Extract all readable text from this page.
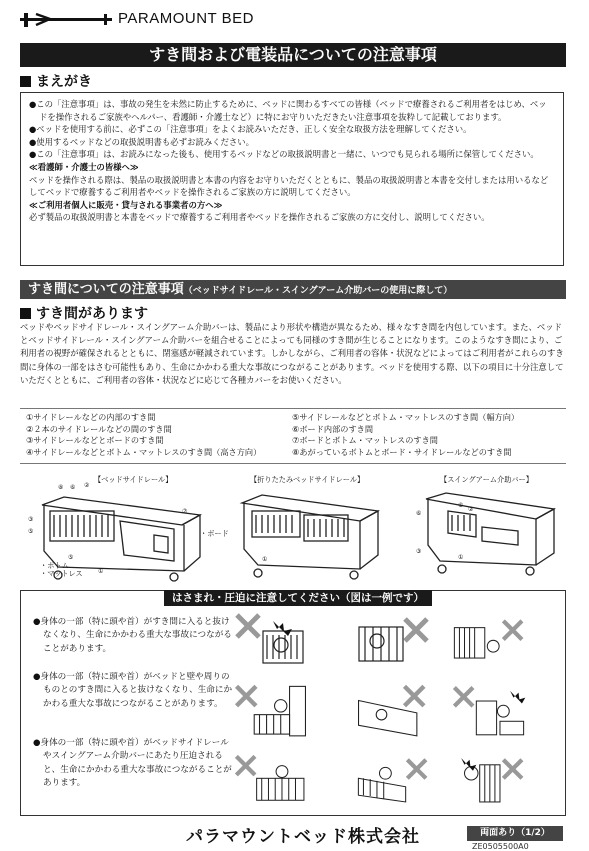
PARAMOUNT BED
すき間および電装品についての注意事項
まえがき

●この「注意事項」は、事故の発生を未然に防止するために、ベッドに関わるすべての皆様（ベッドで療養されるご利用者をはじめ、ベッドを操作されるご家族やヘルパー、看護師・介護士など）に特にお守りいただきたい注意事項を抜粋して記載しております。

●ベッドを使用する前に、必ずこの「注意事項」をよくお読みいただき、正しく安全な取扱方法を理解してください。

●使用するベッドなどの取扱説明書も必ずお読みください。

●この「注意事項」は、お読みになった後も、使用するベッドなどの取扱説明書と一緒に、いつでも見られる場所に保管してください。

≪看護師・介護士の皆様へ≫

ベッドを操作される際は、製品の取扱説明書と本書の内容をお守りいただくとともに、製品の取扱説明書と本書を交付しまたは用いるなどしてベッドで療養するご利用者やベッドを操作されるご家族の方に説明してください。

≪ご利用者個人に販売・貸与される事業者の方へ≫

必ず製品の取扱説明書と本書をベッドで療養するご利用者やベッドを操作されるご家族の方に交付し、説明してください。

すき間についての注意事項（ベッドサイドレール・スイングアーム介助バーの使用に際して）
すき間があります
ベッドやベッドサイドレール・スイングアーム介助バーは、製品により形状や構造が異なるため、様々なすき間を内包しています。また、ベッドとベッドサイドレール・スイングアーム介助バーを組合せることによっても同様のすき間が生じることになります。このようなすき間により、ご利用者の視野が確保されるとともに、閉塞感が軽減されています。しかしながら、ご利用者の容体・状況などによってはご利用者がこれらのすき間に身体の一部をはさむ可能性もあり、生命にかかわる重大な事故につながることがあります。ベッドを使用する際、以下の項目に十分注意していただくとともに、ご利用者の容体・状況などに応じて各種カバーをお使いください。
①サイドレールなどの内部のすき間
②２本のサイドレールなどの間のすき間
③サイドレールなどとボードのすき間
④サイドレールなどとボトム・マットレスのすき間（高さ方向）
⑤サイドレールなどとボトム・マットレスのすき間（幅方向）
⑥ボード内部のすき間
⑦ボードとボトム・マットレスのすき間
⑧あがっているボトムとボード・サイドレールなどのすき間
【ベッドサイドレール】
⑧ ⑥ ②
③
⑤
⑦
⑤
①
・ボード
・ボトム
・マットレス
【折りたたみベッドサイドレール】
①
【スイングアーム介助バー】
⑥
⑥
②
③
①
はさまれ・圧迫に注意してください（図は一例です）
●身体の一部（特に頭や首）がすき間に入ると抜けなくなり、生命にかかわる重大な事故につながることがあります。
●身体の一部（特に頭や首）がベッドと壁や周りのものとのすき間に入ると抜けなくなり、生命にかかわる重大な事故につながることがあります。
●身体の一部（特に頭や首）がベッドサイドレールやスイングアーム介助バーにあたり圧迫されると、生命にかかわる重大な事故につながることがあります。
パラマウントベッド株式会社	両面あり（1/2）
ZE0505500A0
